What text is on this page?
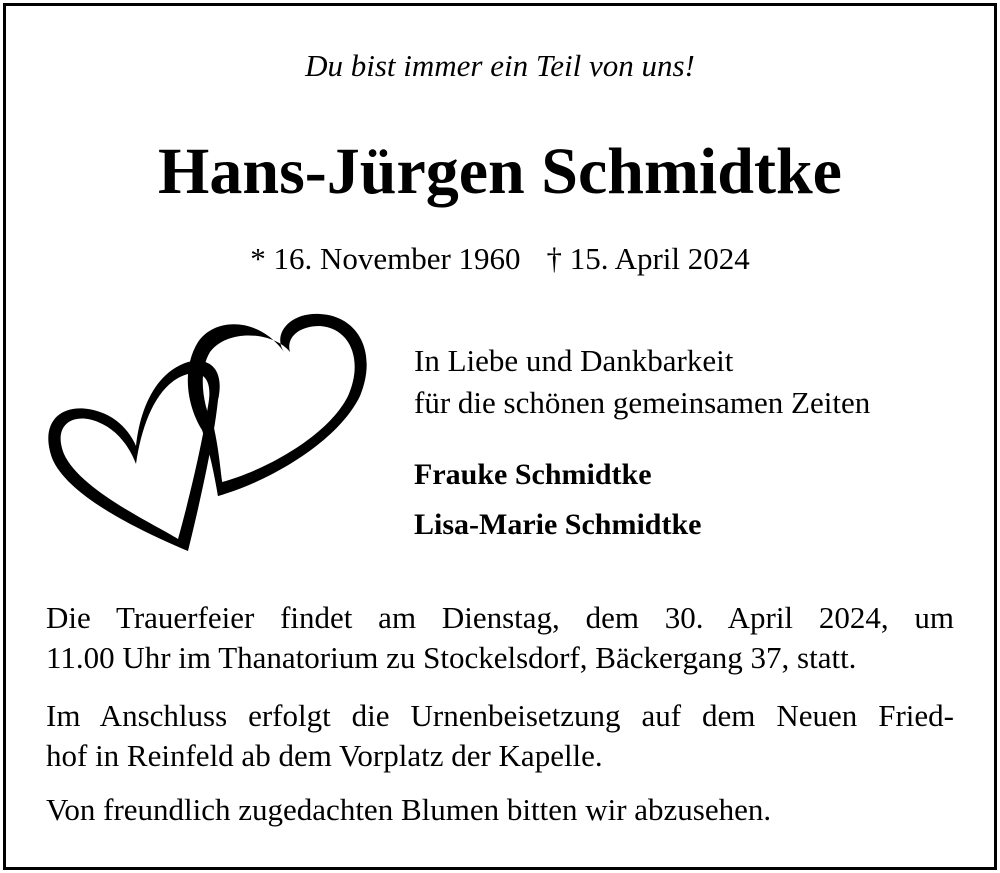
Du bist immer ein Teil von uns!
Hans-Jürgen Schmidtke
* 16. November 1960 † 15. April 2024
In Liebe und Dankbarkeit
für die schönen gemeinsamen Zeiten
Frauke Schmidtke
Lisa-Marie Schmidtke
Die Trauerfeier findet am Dienstag, dem 30. April 2024, um
11.00 Uhr im Thanatorium zu Stockelsdorf, Bäckergang 37, statt.
Im Anschluss erfolgt die Urnenbeisetzung auf dem Neuen Fried-
hof in Reinfeld ab dem Vorplatz der Kapelle.
Von freundlich zugedachten Blumen bitten wir abzusehen.
